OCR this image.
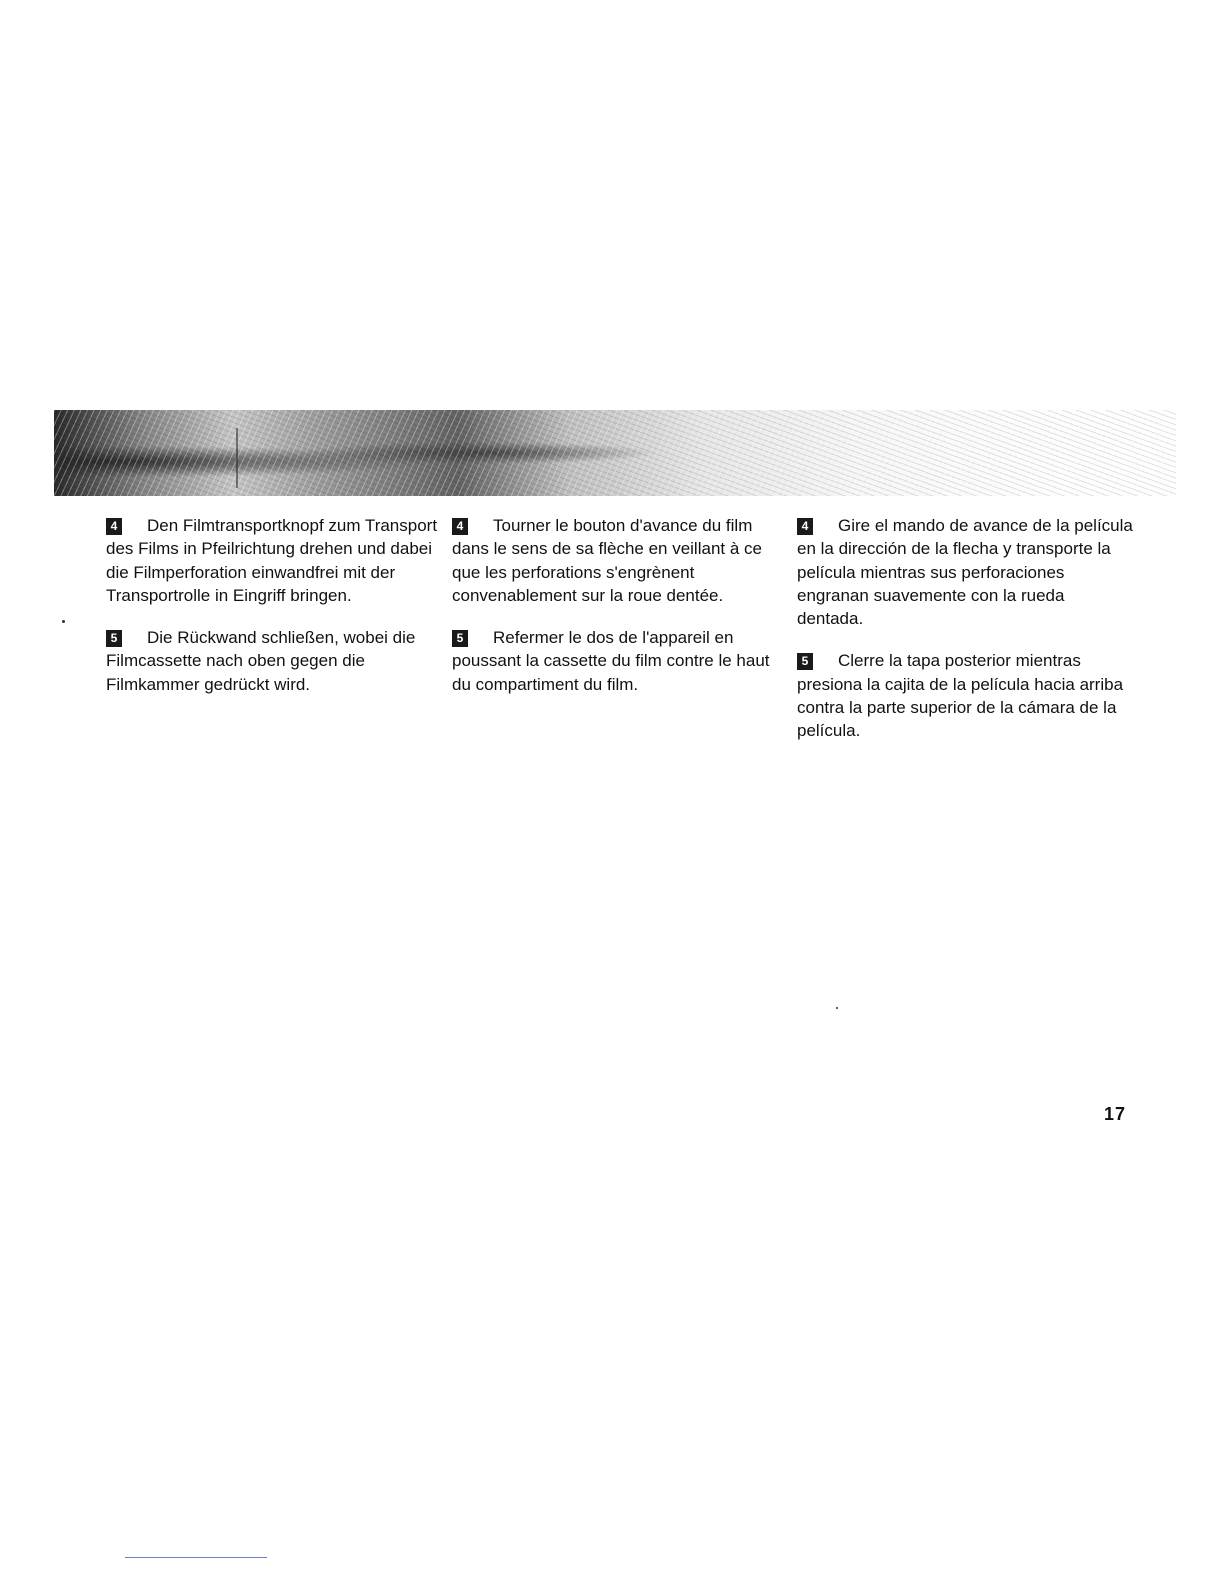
4 Den Filmtransportknopf zum Transport des Films in Pfeilrichtung drehen und dabei die Filmperforation einwandfrei mit der Transportrolle in Eingriff bringen.

5 Die Rückwand schließen, wobei die Filmcassette nach oben gegen die Filmkammer gedrückt wird.

4 Tourner le bouton d'avance du film dans le sens de sa flèche en veillant à ce que les perforations s'engrènent convenablement sur la roue dentée.

5 Refermer le dos de l'appareil en poussant la cassette du film contre le haut du compartiment du film.

4 Gire el mando de avance de la película en la dirección de la flecha y transporte la película mientras sus perforaciones engranan suavemente con la rueda dentada.

5 Clerre la tapa posterior mientras presiona la cajita de la película hacia arriba contra la parte superior de la cámara de la película.

17
